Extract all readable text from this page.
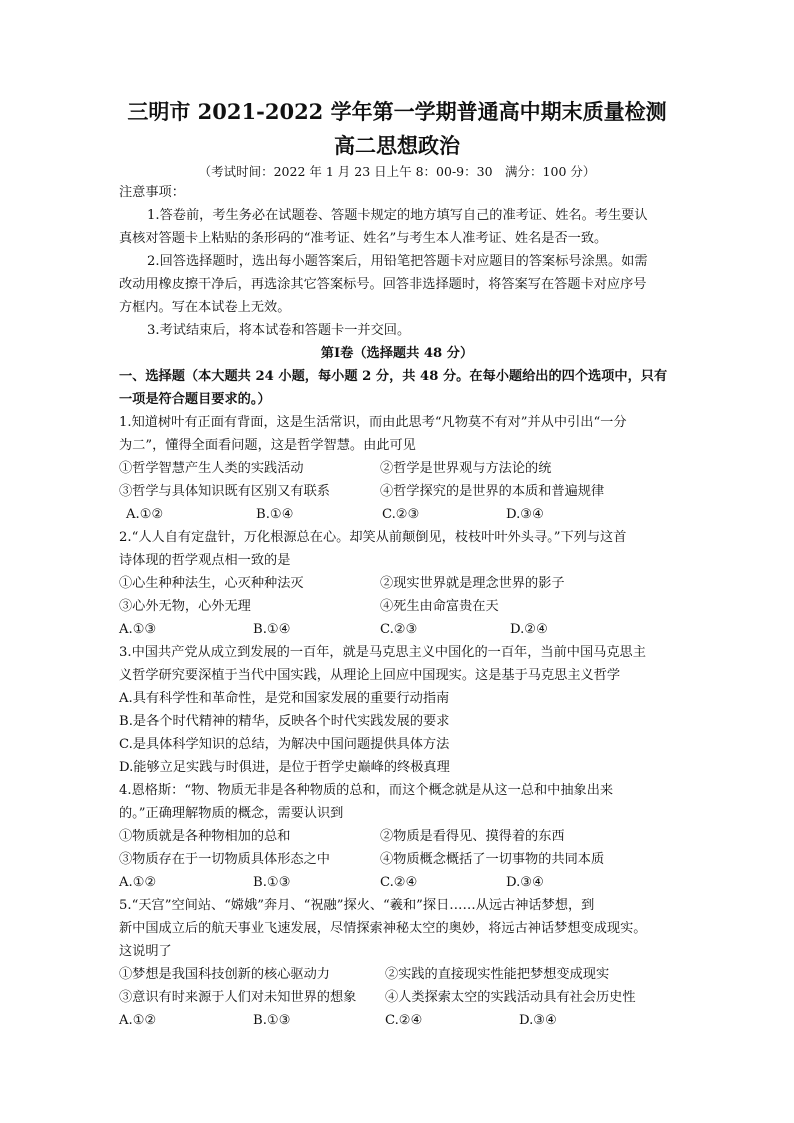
三明市 2021-2022 学年第一学期普通高中期末质量检测
高二思想政治
（考试时间：2022 年 1 月 23 日上午 8：00-9：30　满分：100 分）
注意事项：
1.答卷前，考生务必在试题卷、答题卡规定的地方填写自己的准考证、姓名。考生要认
真核对答题卡上粘贴的条形码的“准考证、姓名”与考生本人准考证、姓名是否一致。
2.回答选择题时，选出每小题答案后，用铅笔把答题卡对应题目的答案标号涂黑。如需
改动用橡皮擦干净后，再选涂其它答案标号。回答非选择题时，将答案写在答题卡对应序号
方框内。写在本试卷上无效。
3.考试结束后，将本试卷和答题卡一并交回。
第Ⅰ卷（选择题共 48 分）
一、选择题（本大题共 24 小题，每小题 2 分，共 48 分。在每小题给出的四个选项中，只有
一项是符合题目要求的。）
1.知道树叶有正面有背面，这是生活常识，而由此思考“凡物莫不有对”并从中引出“一分
为二”，懂得全面看问题，这是哲学智慧。由此可见
①哲学智慧产生人类的实践活动	②哲学是世界观与方法论的统
③哲学与具体知识既有区别又有联系	④哲学探究的是世界的本质和普遍规律
A.①②	B.①④	C.②③	D.③④
2.“人人自有定盘针，万化根源总在心。却笑从前颠倒见，枝枝叶叶外头寻。”下列与这首
诗体现的哲学观点相一致的是
①心生种种法生，心灭种种法灭	②现实世界就是理念世界的影子
③心外无物，心外无理	④死生由命富贵在天
A.①③	B.①④	C.②③	D.②④
3.中国共产党从成立到发展的一百年，就是马克思主义中国化的一百年，当前中国马克思主
义哲学研究要深植于当代中国实践，从理论上回应中国现实。这是基于马克思主义哲学
A.具有科学性和革命性，是党和国家发展的重要行动指南
B.是各个时代精神的精华，反映各个时代实践发展的要求
C.是具体科学知识的总结，为解决中国问题提供具体方法
D.能够立足实践与时俱进，是位于哲学史巅峰的终极真理
4.恩格斯：“物、物质无非是各种物质的总和，而这个概念就是从这一总和中抽象出来
的。”正确理解物质的概念，需要认识到
①物质就是各种物相加的总和	②物质是看得见、摸得着的东西
③物质存在于一切物质具体形态之中	④物质概念概括了一切事物的共同本质
A.①②	B.①③	C.②④	D.③④
5.“天宫”空间站、“嫦娥”奔月、“祝融”探火、“羲和”探日……从远古神话梦想，到
新中国成立后的航天事业飞速发展，尽情探索神秘太空的奥妙，将远古神话梦想变成现实。
这说明了
①梦想是我国科技创新的核心驱动力	②实践的直接现实性能把梦想变成现实
③意识有时来源于人们对未知世界的想象 ④人类探索太空的实践活动具有社会历史性
A.①②	B.①③	C.②④	D.③④
